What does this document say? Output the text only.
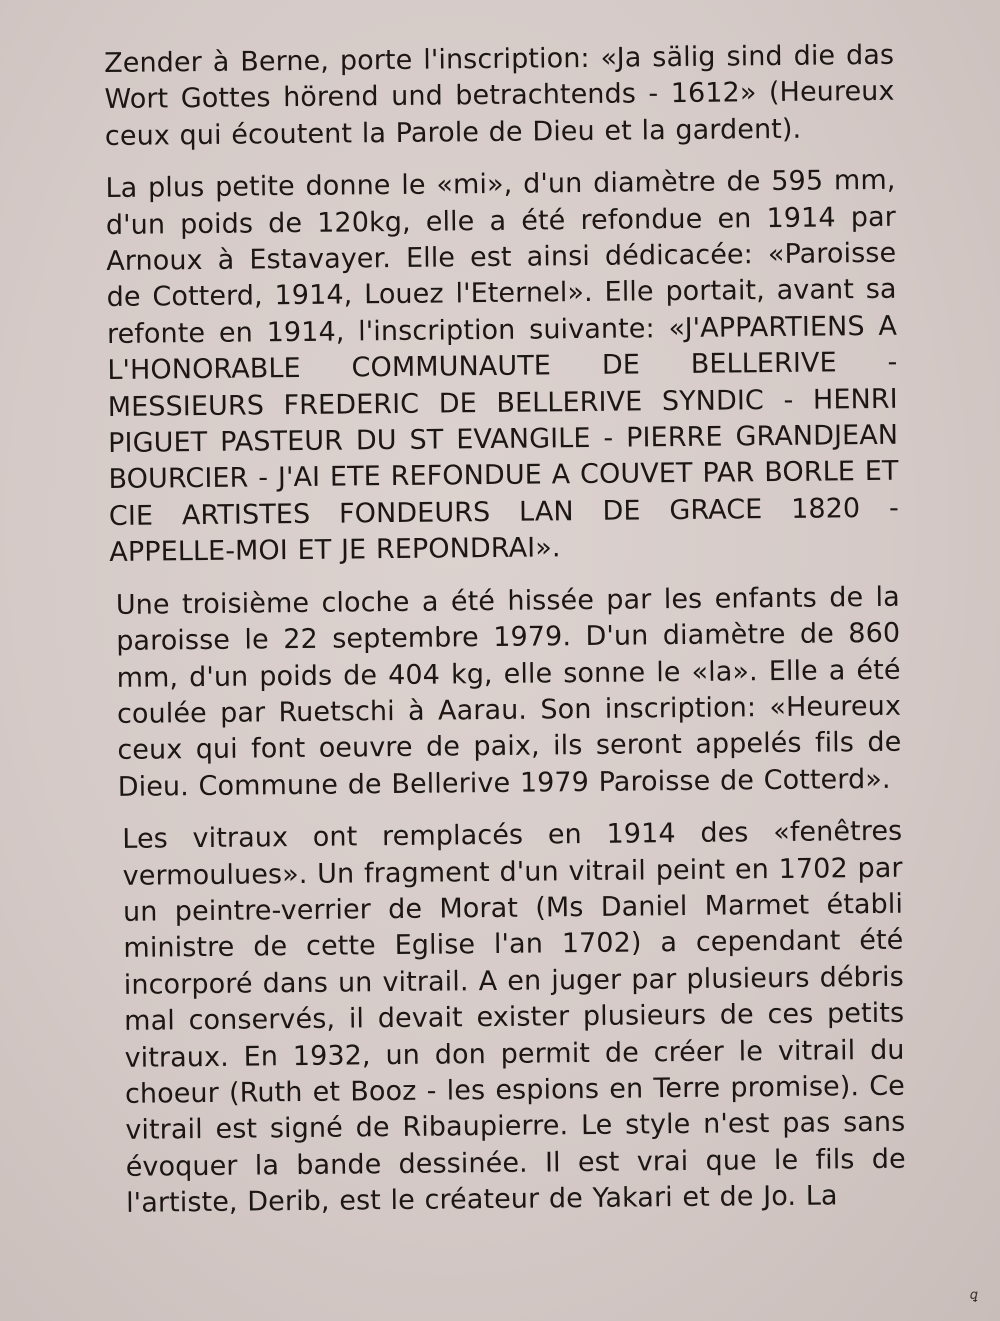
Zender à Berne, porte l'inscription: «Ja sälig sind die das Wort Gottes hörend und betrachtends - 1612» (Heureux ceux qui écoutent la Parole de Dieu et la gardent).

La plus petite donne le «mi», d'un diamètre de 595 mm, d'un poids de 120kg, elle a été refondue en 1914 par Arnoux à Estavayer. Elle est ainsi dédicacée: «Paroisse de Cotterd, 1914, Louez l'Eternel». Elle portait, avant sa refonte en 1914, l'inscription suivante: «J'APPARTIENS A L'HONORABLE COMMUNAUTE DE BELLERIVE - MESSIEURS FREDERIC DE BELLERIVE SYNDIC - HENRI PIGUET PASTEUR DU ST EVANGILE - PIERRE GRANDJEAN BOURCIER - J'AI ETE REFONDUE A COUVET PAR BORLE ET CIE ARTISTES FONDEURS LAN DE GRACE 1820 - APPELLE-MOI ET JE REPONDRAI».

Une troisième cloche a été hissée par les enfants de la paroisse le 22 septembre 1979. D'un diamètre de 860 mm, d'un poids de 404 kg, elle sonne le «la». Elle a été coulée par Ruetschi à Aarau. Son inscription: «Heureux ceux qui font oeuvre de paix, ils seront appelés fils de Dieu. Commune de Bellerive 1979 Paroisse de Cotterd».

Les vitraux ont remplacés en 1914 des «fenêtres vermoulues». Un fragment d'un vitrail peint en 1702 par un peintre-verrier de Morat (Ms Daniel Marmet établi ministre de cette Eglise l'an 1702) a cependant été incorporé dans un vitrail. A en juger par plusieurs débris mal conservés, il devait exister plusieurs de ces petits vitraux. En 1932, un don permit de créer le vitrail du choeur (Ruth et Booz - les espions en Terre promise). Ce vitrail est signé de Ribaupierre. Le style n'est pas sans évoquer la bande dessinée. Il est vrai que le fils de l'artiste, Derib, est le créateur de Yakari et de Jo. La

ꝗ
